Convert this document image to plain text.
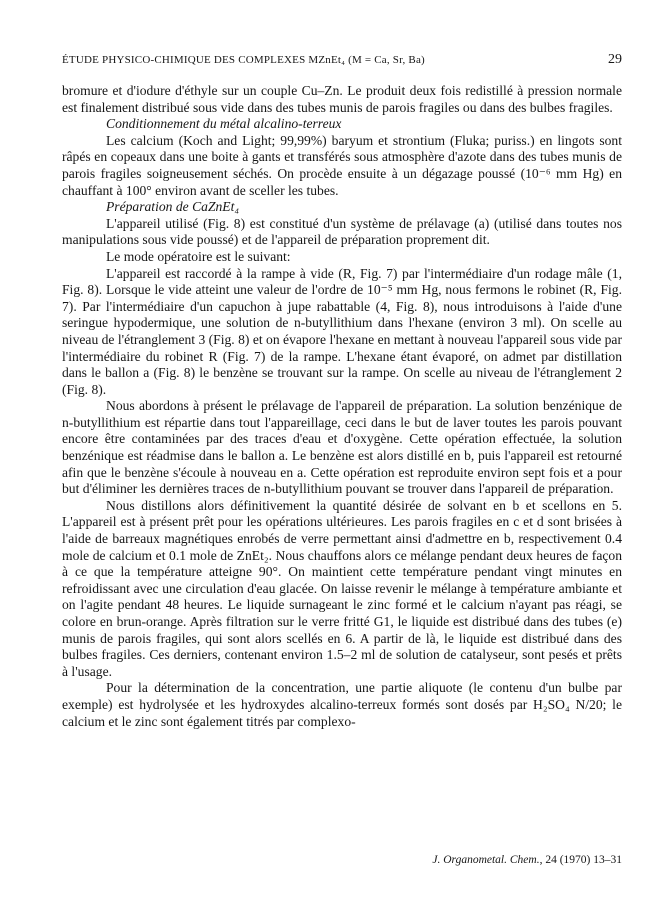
ÉTUDE PHYSICO-CHIMIQUE DES COMPLEXES MZnEt₄ (M = Ca, Sr, Ba)	29

bromure et d'iodure d'éthyle sur un couple Cu–Zn. Le produit deux fois redistillé à pression normale est finalement distribué sous vide dans des tubes munis de parois fragiles ou dans des bulbes fragiles.

Conditionnement du métal alcalino-terreux

Les calcium (Koch and Light; 99,99%) baryum et strontium (Fluka; puriss.) en lingots sont râpés en copeaux dans une boite à gants et transférés sous atmosphère d'azote dans des tubes munis de parois fragiles soigneusement séchés. On procède ensuite à un dégazage poussé (10⁻⁶ mm Hg) en chauffant à 100° environ avant de sceller les tubes.

Préparation de CaZnEt₄

L'appareil utilisé (Fig. 8) est constitué d'un système de prélavage (a) (utilisé dans toutes nos manipulations sous vide poussé) et de l'appareil de préparation proprement dit.

Le mode opératoire est le suivant:

L'appareil est raccordé à la rampe à vide (R, Fig. 7) par l'intermédiaire d'un rodage mâle (1, Fig. 8). Lorsque le vide atteint une valeur de l'ordre de 10⁻⁵ mm Hg, nous fermons le robinet (R, Fig. 7). Par l'intermédiaire d'un capuchon à jupe rabattable (4, Fig. 8), nous introduisons à l'aide d'une seringue hypodermique, une solution de n-butyllithium dans l'hexane (environ 3 ml). On scelle au niveau de l'étranglement 3 (Fig. 8) et on évapore l'hexane en mettant à nouveau l'appareil sous vide par l'intermédiaire du robinet R (Fig. 7) de la rampe. L'hexane étant évaporé, on admet par distillation dans le ballon a (Fig. 8) le benzène se trouvant sur la rampe. On scelle au niveau de l'étranglement 2 (Fig. 8).

Nous abordons à présent le prélavage de l'appareil de préparation. La solution benzénique de n-butyllithium est répartie dans tout l'appareillage, ceci dans le but de laver toutes les parois pouvant encore être contaminées par des traces d'eau et d'oxygène. Cette opération effectuée, la solution benzénique est réadmise dans le ballon a. Le benzène est alors distillé en b, puis l'appareil est retourné afin que le benzène s'écoule à nouveau en a. Cette opération est reproduite environ sept fois et a pour but d'éliminer les dernières traces de n-butyllithium pouvant se trouver dans l'appareil de préparation.

Nous distillons alors définitivement la quantité désirée de solvant en b et scellons en 5. L'appareil est à présent prêt pour les opérations ultérieures. Les parois fragiles en c et d sont brisées à l'aide de barreaux magnétiques enrobés de verre permettant ainsi d'admettre en b, respectivement 0.4 mole de calcium et 0.1 mole de ZnEt₂. Nous chauffons alors ce mélange pendant deux heures de façon à ce que la température atteigne 90°. On maintient cette température pendant vingt minutes en refroidissant avec une circulation d'eau glacée. On laisse revenir le mélange à température ambiante et on l'agite pendant 48 heures. Le liquide surnageant le zinc formé et le calcium n'ayant pas réagi, se colore en brun-orange. Après filtration sur le verre fritté G1, le liquide est distribué dans des tubes (e) munis de parois fragiles, qui sont alors scellés en 6. A partir de là, le liquide est distribué dans des bulbes fragiles. Ces derniers, contenant environ 1.5–2 ml de solution de catalyseur, sont pesés et prêts à l'usage.

Pour la détermination de la concentration, une partie aliquote (le contenu d'un bulbe par exemple) est hydrolysée et les hydroxydes alcalino-terreux formés sont dosés par H₂SO₄ N/20; le calcium et le zinc sont également titrés par complexo-

J. Organometal. Chem., 24 (1970) 13–31
